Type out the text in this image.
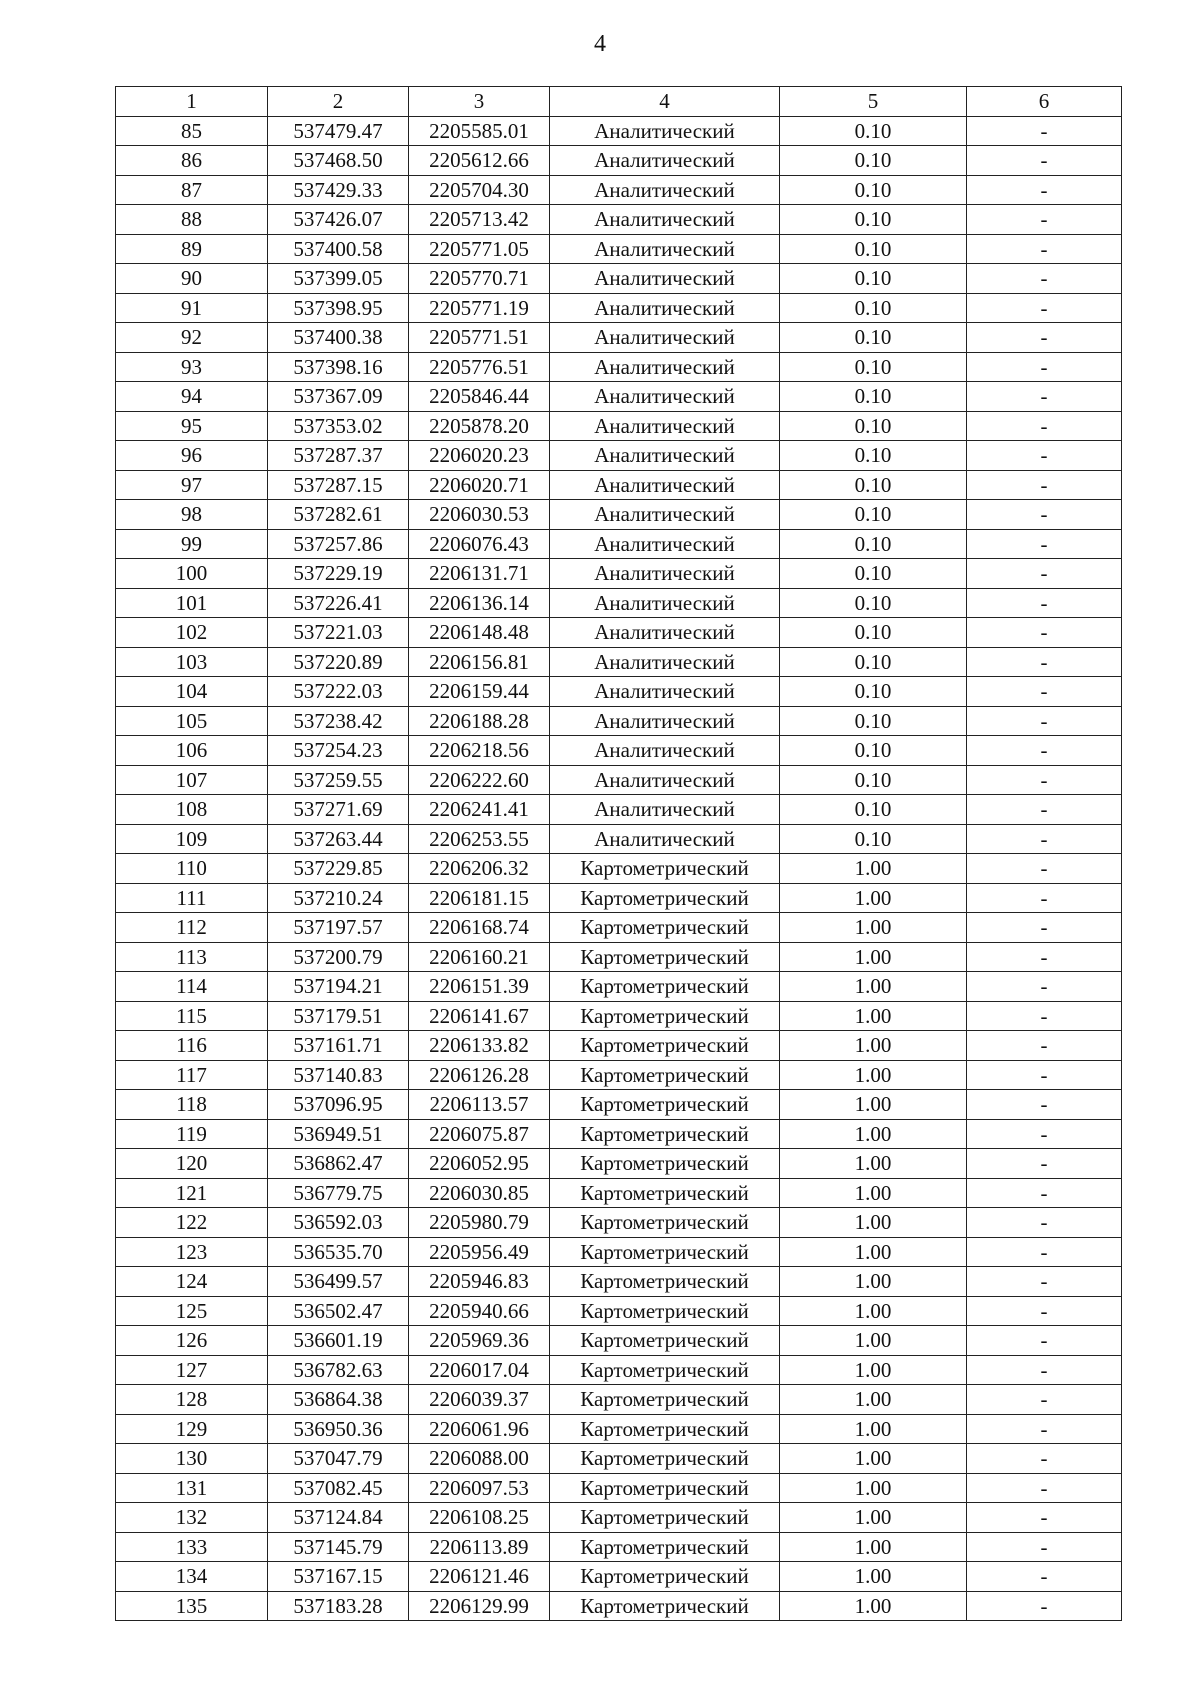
4
1	2	3	4	5	6
85	537479.47	2205585.01	Аналитический	0.10	-
86	537468.50	2205612.66	Аналитический	0.10	-
87	537429.33	2205704.30	Аналитический	0.10	-
88	537426.07	2205713.42	Аналитический	0.10	-
89	537400.58	2205771.05	Аналитический	0.10	-
90	537399.05	2205770.71	Аналитический	0.10	-
91	537398.95	2205771.19	Аналитический	0.10	-
92	537400.38	2205771.51	Аналитический	0.10	-
93	537398.16	2205776.51	Аналитический	0.10	-
94	537367.09	2205846.44	Аналитический	0.10	-
95	537353.02	2205878.20	Аналитический	0.10	-
96	537287.37	2206020.23	Аналитический	0.10	-
97	537287.15	2206020.71	Аналитический	0.10	-
98	537282.61	2206030.53	Аналитический	0.10	-
99	537257.86	2206076.43	Аналитический	0.10	-
100	537229.19	2206131.71	Аналитический	0.10	-
101	537226.41	2206136.14	Аналитический	0.10	-
102	537221.03	2206148.48	Аналитический	0.10	-
103	537220.89	2206156.81	Аналитический	0.10	-
104	537222.03	2206159.44	Аналитический	0.10	-
105	537238.42	2206188.28	Аналитический	0.10	-
106	537254.23	2206218.56	Аналитический	0.10	-
107	537259.55	2206222.60	Аналитический	0.10	-
108	537271.69	2206241.41	Аналитический	0.10	-
109	537263.44	2206253.55	Аналитический	0.10	-
110	537229.85	2206206.32	Картометрический	1.00	-
111	537210.24	2206181.15	Картометрический	1.00	-
112	537197.57	2206168.74	Картометрический	1.00	-
113	537200.79	2206160.21	Картометрический	1.00	-
114	537194.21	2206151.39	Картометрический	1.00	-
115	537179.51	2206141.67	Картометрический	1.00	-
116	537161.71	2206133.82	Картометрический	1.00	-
117	537140.83	2206126.28	Картометрический	1.00	-
118	537096.95	2206113.57	Картометрический	1.00	-
119	536949.51	2206075.87	Картометрический	1.00	-
120	536862.47	2206052.95	Картометрический	1.00	-
121	536779.75	2206030.85	Картометрический	1.00	-
122	536592.03	2205980.79	Картометрический	1.00	-
123	536535.70	2205956.49	Картометрический	1.00	-
124	536499.57	2205946.83	Картометрический	1.00	-
125	536502.47	2205940.66	Картометрический	1.00	-
126	536601.19	2205969.36	Картометрический	1.00	-
127	536782.63	2206017.04	Картометрический	1.00	-
128	536864.38	2206039.37	Картометрический	1.00	-
129	536950.36	2206061.96	Картометрический	1.00	-
130	537047.79	2206088.00	Картометрический	1.00	-
131	537082.45	2206097.53	Картометрический	1.00	-
132	537124.84	2206108.25	Картометрический	1.00	-
133	537145.79	2206113.89	Картометрический	1.00	-
134	537167.15	2206121.46	Картометрический	1.00	-
135	537183.28	2206129.99	Картометрический	1.00	-
